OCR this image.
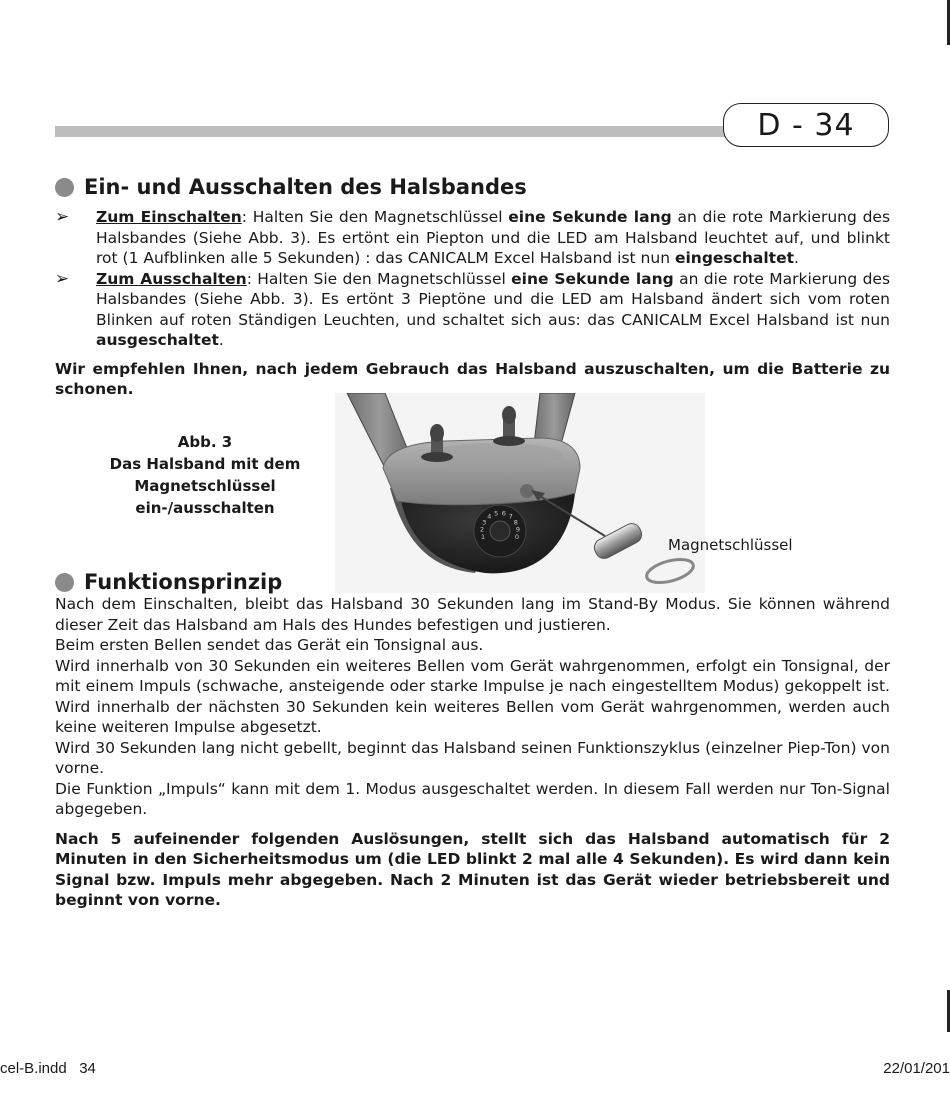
D - 34
Ein- und Ausschalten des Halsbandes
➢ Zum Einschalten: Halten Sie den Magnetschlüssel eine Sekunde lang an die rote Markierung des Halsbandes (Siehe Abb. 3). Es ertönt ein Piepton und die LED am Halsband leuchtet auf, und blinkt rot (1 Aufblinken alle 5 Sekunden) : das CANICALM Excel Halsband ist nun eingeschaltet.
➢ Zum Ausschalten: Halten Sie den Magnetschlüssel eine Sekunde lang an die rote Markierung des Halsbandes (Siehe Abb. 3). Es ertönt 3 Pieptöne und die LED am Halsband ändert sich vom roten Blinken auf roten Ständigen Leuchten, und schaltet sich aus: das CANICALM Excel Halsband ist nun ausgeschaltet.
Wir empfehlen Ihnen, nach jedem Gebrauch das Halsband auszuschalten, um die Batterie zu schonen.
Abb. 3
Das Halsband mit dem
Magnetschlüssel
ein-/ausschalten
1
2
3
4 5 6 7
8
9
0	Magnetschlüssel
Funktionsprinzip
Nach dem Einschalten, bleibt das Halsband 30 Sekunden lang im Stand-By Modus. Sie können während dieser Zeit das Halsband am Hals des Hundes befestigen und justieren.
Beim ersten Bellen sendet das Gerät ein Tonsignal aus.
Wird innerhalb von 30 Sekunden ein weiteres Bellen vom Gerät wahrgenommen, erfolgt ein Tonsignal, der mit einem Impuls (schwache, ansteigende oder starke Impulse je nach eingestelltem Modus) gekoppelt ist. Wird innerhalb der nächsten 30 Sekunden kein weiteres Bellen vom Gerät wahrgenommen, werden auch keine weiteren Impulse abgesetzt.
Wird 30 Sekunden lang nicht gebellt, beginnt das Halsband seinen Funktionszyklus (einzelner Piep-Ton) von vorne.
Die Funktion „Impuls“ kann mit dem 1. Modus ausgeschaltet werden. In diesem Fall werden nur Ton-Signal abgegeben.
Nach 5 aufeinender folgenden Auslösungen, stellt sich das Halsband automatisch für 2 Minuten in den Sicherheitsmodus um (die LED blinkt 2 mal alle 4 Sekunden). Es wird dann kein Signal bzw. Impuls mehr abgegeben. Nach 2 Minuten ist das Gerät wieder betriebsbereit und beginnt von vorne.
cel-B.indd   34	22/01/201
